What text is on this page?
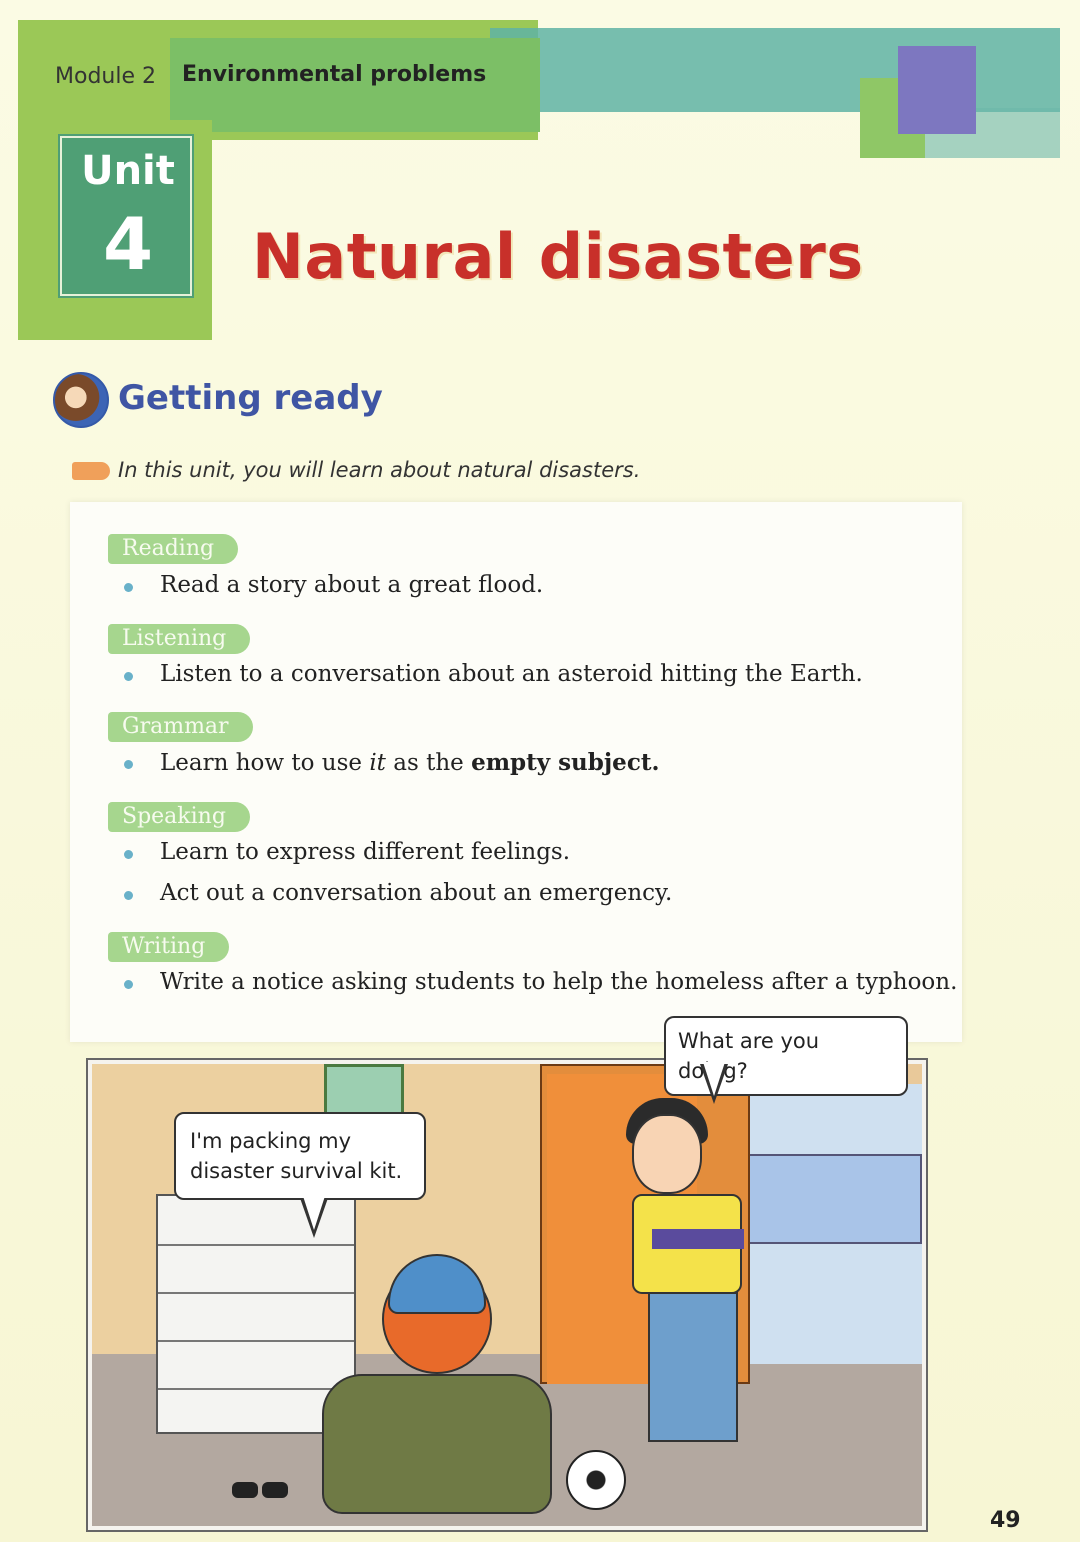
Module 2 Environmental problems
Unit
4	Natural disasters
Getting ready

In this unit, you will learn about natural disasters.

Reading
Read a story about a great flood.
Listening
Listen to a conversation about an asteroid hitting the Earth.
Grammar
Learn how to use it as the empty subject.
Speaking
Learn to express different feelings.
Act out a conversation about an emergency.
Writing
Write a notice asking students to help the homeless after a typhoon.
I'm packing my
disaster survival kit.
What are you doing?
49
